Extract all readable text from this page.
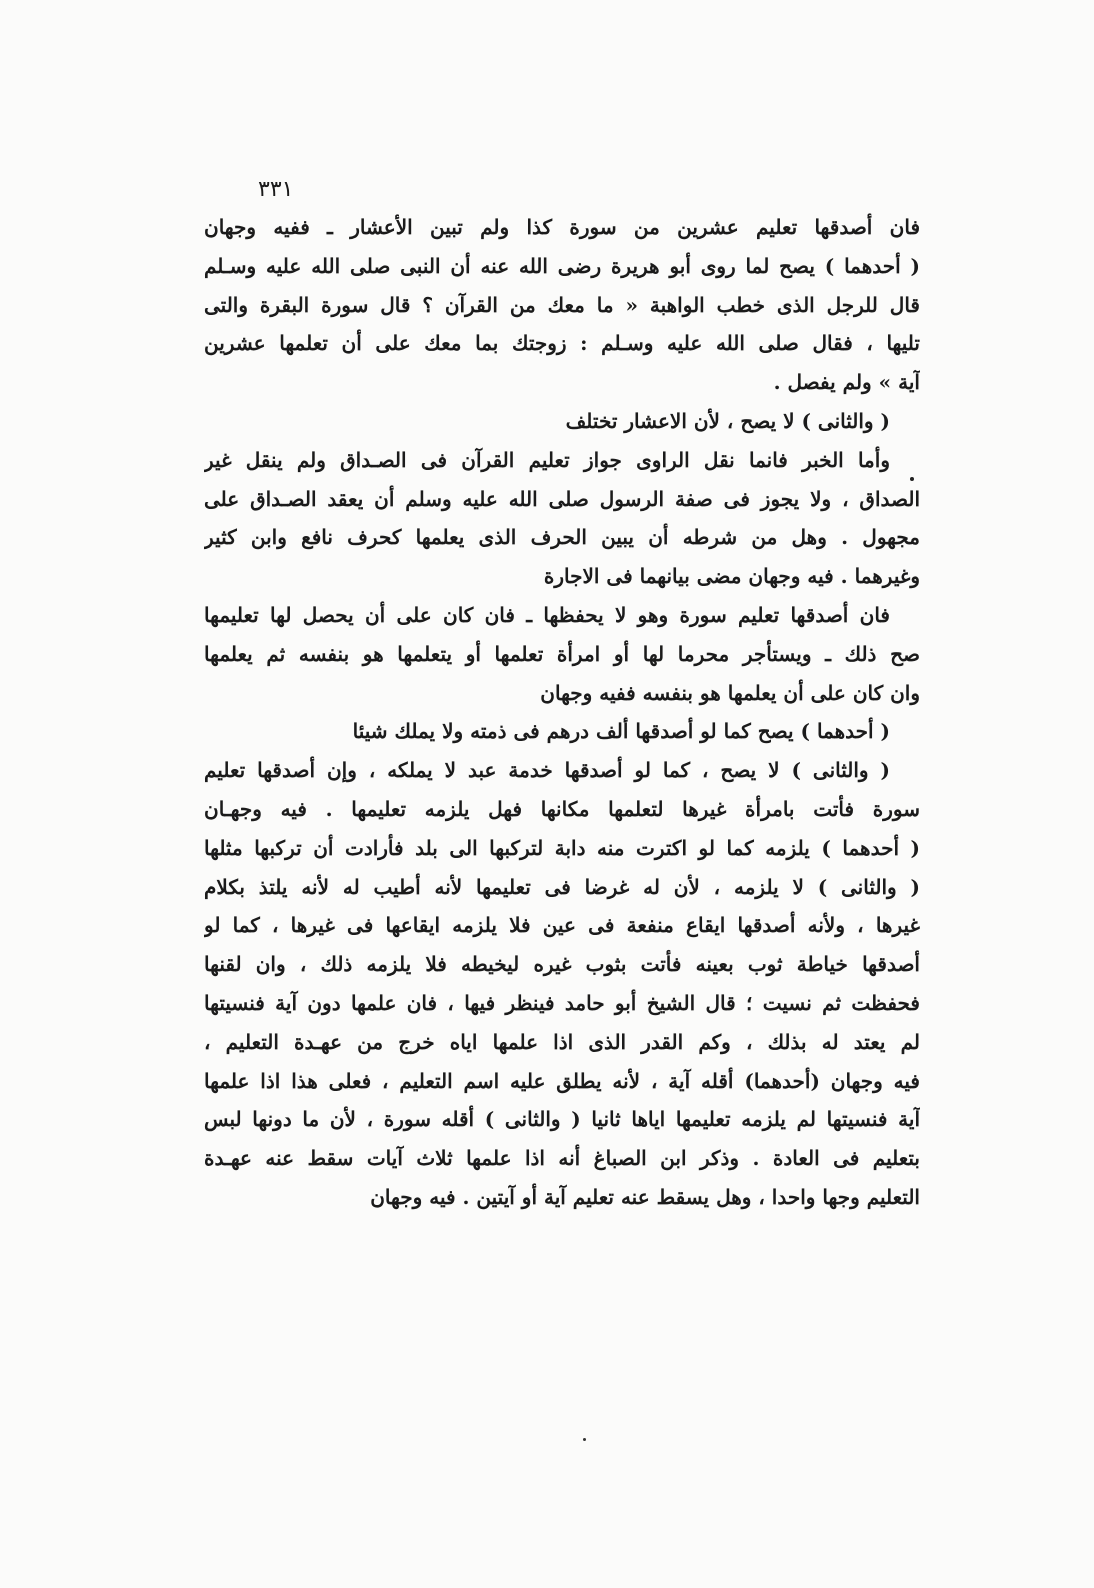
٣٣١
فان أصدقها تعليم عشرين من سورة كذا ولم تبين الأعشار ـ ففيه وجهان
( أحدهما ) يصح لما روى أبو هريرة رضى الله عنه أن النبى صلى الله عليه وسـلم
قال للرجل الذى خطب الواهبة « ما معك من القرآن ؟ قال سورة البقرة والتى
تليها ، فقال صلى الله عليه وسـلم : زوجتك بما معك على أن تعلمها عشرين
آية » ولم يفصل .
( والثانى ) لا يصح ، لأن الاعشار تختلف
وأما الخبر فانما نقل الراوى جواز تعليم القرآن فى الصـداق ولم ينقل غير
الصداق ، ولا يجوز فى صفة الرسول صلى الله عليه وسلم أن يعقد الصـداق على
مجهول . وهل من شرطه أن يبين الحرف الذى يعلمها كحرف نافع وابن كثير
وغيرهما . فيه وجهان مضى بيانهما فى الاجارة
فان أصدقها تعليم سورة وهو لا يحفظها ـ فان كان على أن يحصل لها تعليمها
صح ذلك ـ ويستأجر محرما لها أو امرأة تعلمها أو يتعلمها هو بنفسه ثم يعلمها
وان كان على أن يعلمها هو بنفسه ففيه وجهان
( أحدهما ) يصح كما لو أصدقها ألف درهم فى ذمته ولا يملك شيئا
( والثانى ) لا يصح ، كما لو أصدقها خدمة عبد لا يملكه ، وإن أصدقها تعليم
سورة فأتت بامرأة غيرها لتعلمها مكانها فهل يلزمه تعليمها . فيه وجهـان
( أحدهما ) يلزمه كما لو اكترت منه دابة لتركبها الى بلد فأرادت أن تركبها مثلها
( والثانى ) لا يلزمه ، لأن له غرضا فى تعليمها لأنه أطيب له لأنه يلتذ بكلام
غيرها ، ولأنه أصدقها ايقاع منفعة فى عين فلا يلزمه ايقاعها فى غيرها ، كما لو
أصدقها خياطة ثوب بعينه فأتت بثوب غيره ليخيطه فلا يلزمه ذلك ، وان لقنها
فحفظت ثم نسيت ؛ قال الشيخ أبو حامد فينظر فيها ، فان علمها دون آية فنسيتها
لم يعتد له بذلك ، وكم القدر الذى اذا علمها اياه خرج من عهـدة التعليم ،
فيه وجهان (أحدهما) أقله آية ، لأنه يطلق عليه اسم التعليم ، فعلى هذا اذا علمها
آية فنسيتها لم يلزمه تعليمها اياها ثانيا ( والثانى ) أقله سورة ، لأن ما دونها لبس
بتعليم فى العادة . وذكر ابن الصباغ أنه اذا علمها ثلاث آيات سقط عنه عهـدة
التعليم وجها واحدا ، وهل يسقط عنه تعليم آية أو آيتين . فيه وجهان
